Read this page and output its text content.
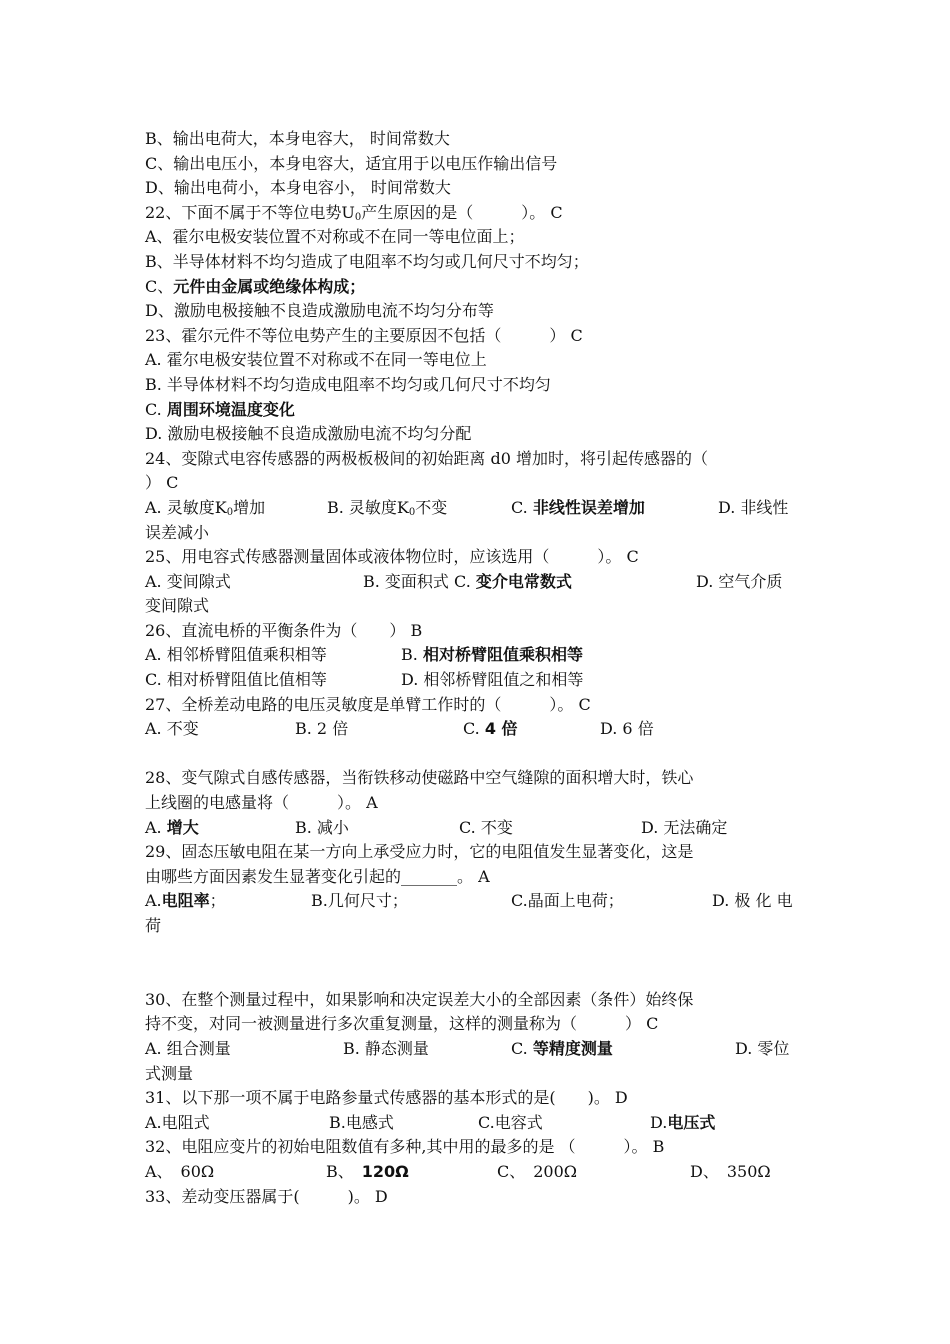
B、输出电荷大，本身电容大， 时间常数大
C、输出电压小，本身电容大，适宜用于以电压作输出信号
D、输出电荷小，本身电容小， 时间常数大
22、下面不属于不等位电势$U_0$产生原因的是（　　　）。 C
A、霍尔电极安装位置不对称或不在同一等电位面上；
B、半导体材料不均匀造成了电阻率不均匀或几何尺寸不均匀；
C、元件由金属或绝缘体构成；
D、激励电极接触不良造成激励电流不均匀分布等
23、霍尔元件不等位电势产生的主要原因不包括（　　　） C
A. 霍尔电极安装位置不对称或不在同一等电位上
B. 半导体材料不均匀造成电阻率不均匀或几何尺寸不均匀
C. 周围环境温度变化
D. 激励电极接触不良造成激励电流不均匀分配
24、变隙式电容传感器的两极板极间的初始距离 d0 增加时，将引起传感器的（
） C

A. 灵敏度$K_0$增加

	B. 灵敏度$K_0$不变

	C. 非线性误差增加

	D. 非线性

误差减小
25、用电容式传感器测量固体或液体物位时，应该选用（　　　）。 C

A. 变间隙式

	B. 变面积式 C. 变介电常数式

	D. 空气介质

变间隙式
26、直流电桥的平衡条件为（　　） B

A. 相邻桥臂阻值乘积相等

	B. 相对桥臂阻值乘积相等

C. 相对桥臂阻值比值相等

	D. 相邻桥臂阻值之和相等

27、全桥差动电路的电压灵敏度是单臂工作时的（　　　）。 C

A. 不变

	B. 2 倍

	C. 4 倍

	D. 6 倍

28、变气隙式自感传感器，当衔铁移动使磁路中空气缝隙的面积增大时，铁心
上线圈的电感量将（　　　）。 A

A. 增大

	B. 减小

	C. 不变

	D. 无法确定

29、固态压敏电阻在某一方向上承受应力时，它的电阻值发生显著变化，这是
由哪些方面因素发生显著变化引起的_______。 A

A.电阻率；

	B.几何尺寸；

	C.晶面上电荷；

	D. 极 化 电

荷
30、在整个测量过程中，如果影响和决定误差大小的全部因素（条件）始终保
持不变，对同一被测量进行多次重复测量，这样的测量称为（　　　） C

A. 组合测量

	B. 静态测量

	C. 等精度测量

	D. 零位

式测量
31、以下那一项不属于电路参量式传感器的基本形式的是(　　)。 D

A.电阻式

	B.电感式

	C.电容式

	D.电压式

32、电阻应变片的初始电阻数值有多种,其中用的最多的是 （　　　）。 B

A、　60Ω

	B、　120Ω

	C、　200Ω

	D、　350Ω

33、差动变压器属于(　　　)。 D
